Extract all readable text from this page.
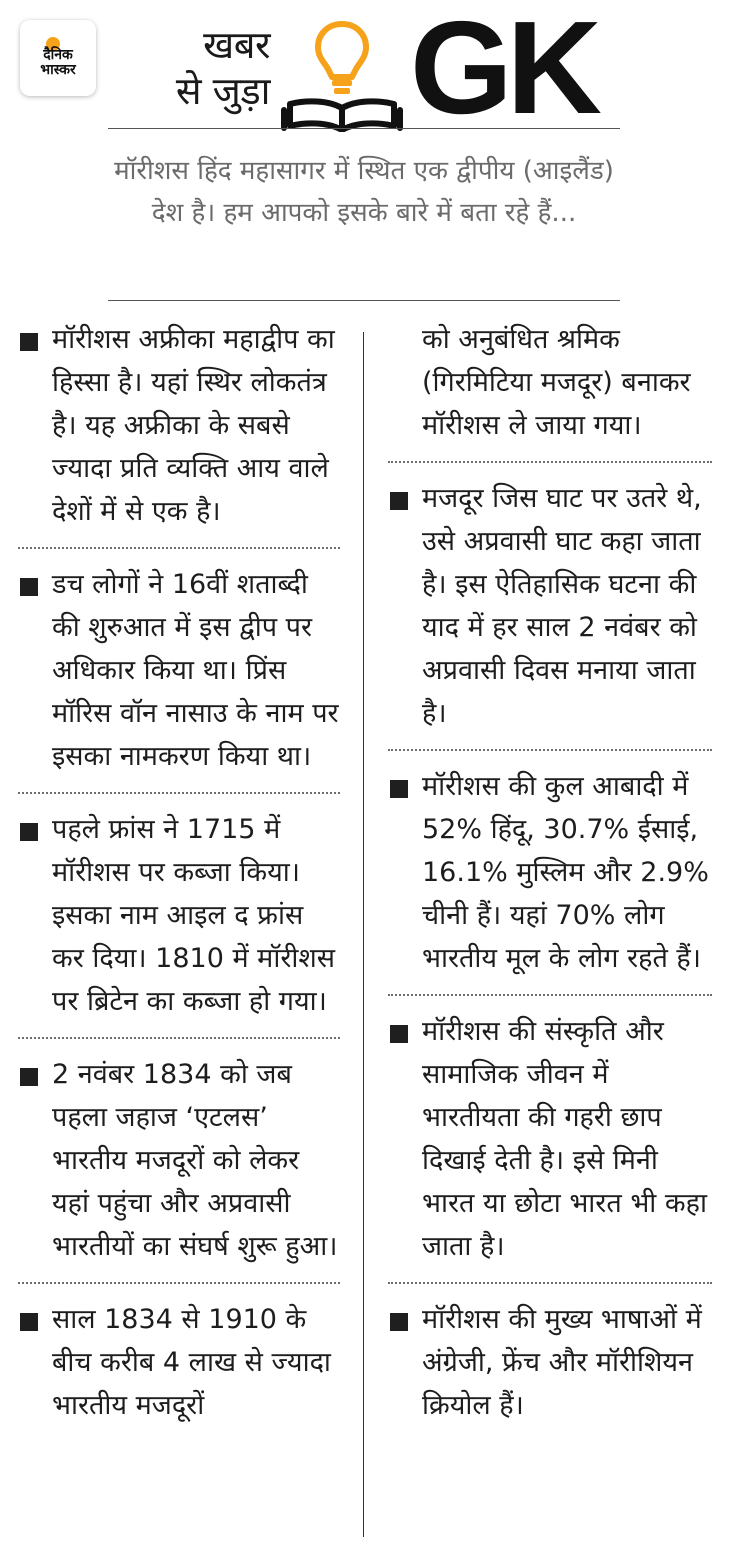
दैनिक
भास्कर
खबर
से जुड़ा GK
मॉरीशस हिंद महासागर में स्थित एक द्वीपीय (आइलैंड) देश है। हम आपको इसके बारे में बता रहे हैं...
मॉरीशस अफ्रीका महाद्वीप का हिस्सा है। यहां स्थिर लोकतंत्र है। यह अफ्रीका के सबसे ज्यादा प्रति व्यक्ति आय वाले देशों में से एक है।
डच लोगों ने 16वीं शताब्दी की शुरुआत में इस द्वीप पर अधिकार किया था। प्रिंस मॉरिस वॉन नासाउ के नाम पर इसका नामकरण किया था।
पहले फ्रांस ने 1715 में मॉरीशस पर कब्जा किया। इसका नाम आइल द फ्रांस कर दिया। 1810 में मॉरीशस पर ब्रिटेन का कब्जा हो गया।
2 नवंबर 1834 को जब पहला जहाज ‘एटलस’ भारतीय मजदूरों को लेकर यहां पहुंचा और अप्रवासी भारतीयों का संघर्ष शुरू हुआ।
साल 1834 से 1910 के बीच करीब 4 लाख से ज्यादा भारतीय मजदूरों
को अनुबंधित श्रमिक (गिरमिटिया मजदूर) बनाकर मॉरीशस ले जाया गया।
मजदूर जिस घाट पर उतरे थे, उसे अप्रवासी घाट कहा जाता है। इस ऐतिहासिक घटना की याद में हर साल 2 नवंबर को अप्रवासी दिवस मनाया जाता है।
मॉरीशस की कुल आबादी में 52% हिंदू, 30.7% ईसाई, 16.1% मुस्लिम और 2.9% चीनी हैं। यहां 70% लोग भारतीय मूल के लोग रहते हैं।
मॉरीशस की संस्कृति और सामाजिक जीवन में भारतीयता की गहरी छाप दिखाई देती है। इसे मिनी भारत या छोटा भारत भी कहा जाता है।
मॉरीशस की मुख्य भाषाओं में अंग्रेजी, फ्रेंच और मॉरीशियन क्रियोल हैं।
